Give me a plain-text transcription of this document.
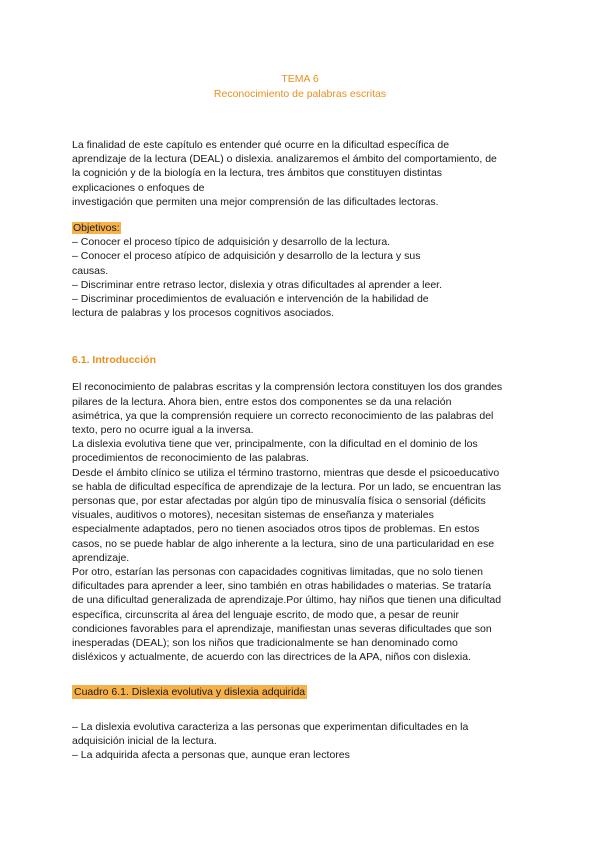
TEMA 6
Reconocimiento de palabras escritas
La finalidad de este capítulo es entender qué ocurre en la dificultad específica de
aprendizaje de la lectura (DEAL) o dislexia. analizaremos el ámbito del comportamiento, de
la cognición y de la biología en la lectura, tres ámbitos que constituyen distintas
explicaciones o enfoques de
investigación que permiten una mejor comprensión de las dificultades lectoras.
Objetivos:
– Conocer el proceso típico de adquisición y desarrollo de la lectura.
– Conocer el proceso atípico de adquisición y desarrollo de la lectura y sus
causas.
– Discriminar entre retraso lector, dislexia y otras dificultades al aprender a leer.
– Discriminar procedimientos de evaluación e intervención de la habilidad de
lectura de palabras y los procesos cognitivos asociados.
6.1. Introducción
El reconocimiento de palabras escritas y la comprensión lectora constituyen los dos grandes
pilares de la lectura. Ahora bien, entre estos dos componentes se da una relación
asimétrica, ya que la comprensión requiere un correcto reconocimiento de las palabras del
texto, pero no ocurre igual a la inversa.
La dislexia evolutiva tiene que ver, principalmente, con la dificultad en el dominio de los
procedimientos de reconocimiento de las palabras.
Desde el ámbito clínico se utiliza el término trastorno, mientras que desde el psicoeducativo
se habla de dificultad específica de aprendizaje de la lectura. Por un lado, se encuentran las
personas que, por estar afectadas por algún tipo de minusvalía física o sensorial (déficits
visuales, auditivos o motores), necesitan sistemas de enseñanza y materiales
especialmente adaptados, pero no tienen asociados otros tipos de problemas. En estos
casos, no se puede hablar de algo inherente a la lectura, sino de una particularidad en ese
aprendizaje.
Por otro, estarían las personas con capacidades cognitivas limitadas, que no solo tienen
dificultades para aprender a leer, sino también en otras habilidades o materias. Se trataría
de una dificultad generalizada de aprendizaje.Por último, hay niños que tienen una dificultad
específica, circunscrita al área del lenguaje escrito, de modo que, a pesar de reunir
condiciones favorables para el aprendizaje, manifiestan unas severas dificultades que son
inesperadas (DEAL); son los niños que tradicionalmente se han denominado como
disléxicos y actualmente, de acuerdo con las directrices de la APA, niños con dislexia.
Cuadro 6.1. Dislexia evolutiva y dislexia adquirida
– La dislexia evolutiva caracteriza a las personas que experimentan dificultades en la
adquisición inicial de la lectura.
– La adquirida afecta a personas que, aunque eran lectores
